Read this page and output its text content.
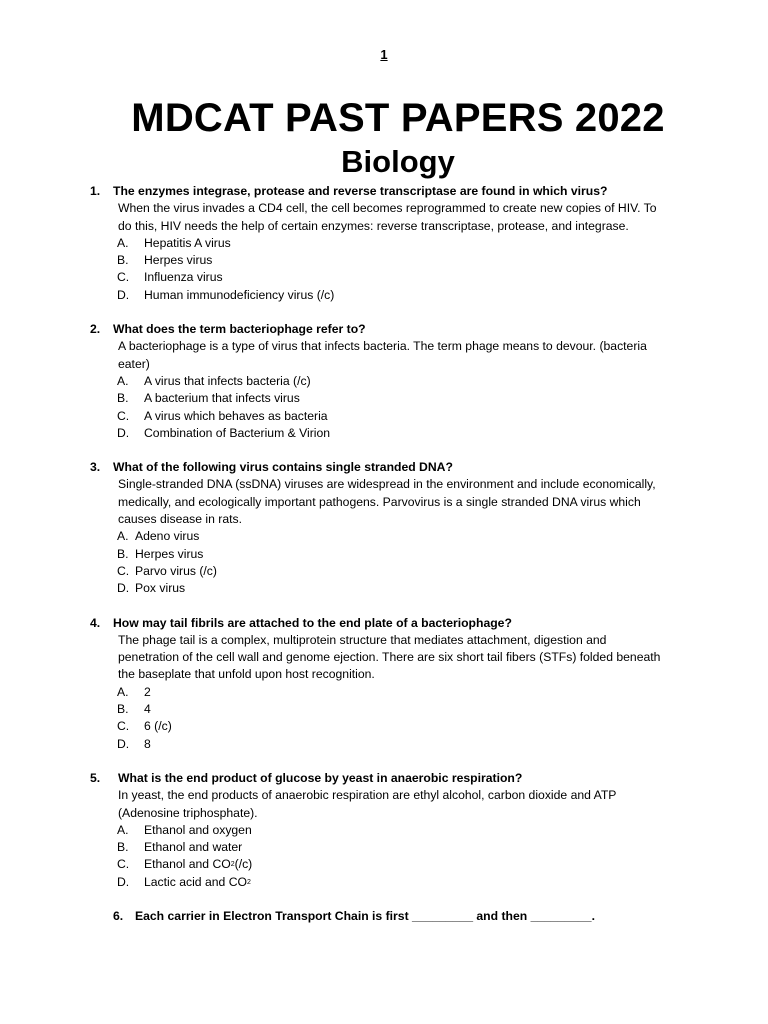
1
MDCAT PAST PAPERS 2022
Biology
1.	The enzymes integrase, protease and reverse transcriptase are found in which virus?
When the virus invades a CD4 cell, the cell becomes reprogrammed to create new copies of HIV. To
do this, HIV needs the help of certain enzymes: reverse transcriptase, protease, and integrase.
A.	Hepatitis A virus
B.	Herpes virus
C.	Influenza virus
D.	Human immunodeficiency virus (/c)
2.	What does the term bacteriophage refer to?
A bacteriophage is a type of virus that infects bacteria. The term phage means to devour. (bacteria
eater)
A.	A virus that infects bacteria (/c)
B.	A bacterium that infects virus
C.	A virus which behaves as bacteria
D.	Combination of Bacterium & Virion
3.	What of the following virus contains single stranded DNA?
Single-stranded DNA (ssDNA) viruses are widespread in the environment and include economically,
medically, and ecologically important pathogens. Parvovirus is a single stranded DNA virus which
causes disease in rats.
A. Adeno virus
B. Herpes virus
C. Parvo virus (/c)
D. Pox virus
4.	How may tail fibrils are attached to the end plate of a bacteriophage?
The phage tail is a complex, multiprotein structure that mediates attachment, digestion and
penetration of the cell wall and genome ejection. There are six short tail fibers (STFs) folded beneath
the baseplate that unfold upon host recognition.
A.	2
B.	4
C.	6 (/c)
D.	8
5.	What is the end product of glucose by yeast in anaerobic respiration?
In yeast, the end products of anaerobic respiration are ethyl alcohol, carbon dioxide and ATP
(Adenosine triphosphate).
A.	Ethanol and oxygen
B.	Ethanol and water
C.	Ethanol and CO 2 (/c)
D.	Lactic acid and CO 2
6. Each carrier in Electron Transport Chain is first _________ and then _________.
